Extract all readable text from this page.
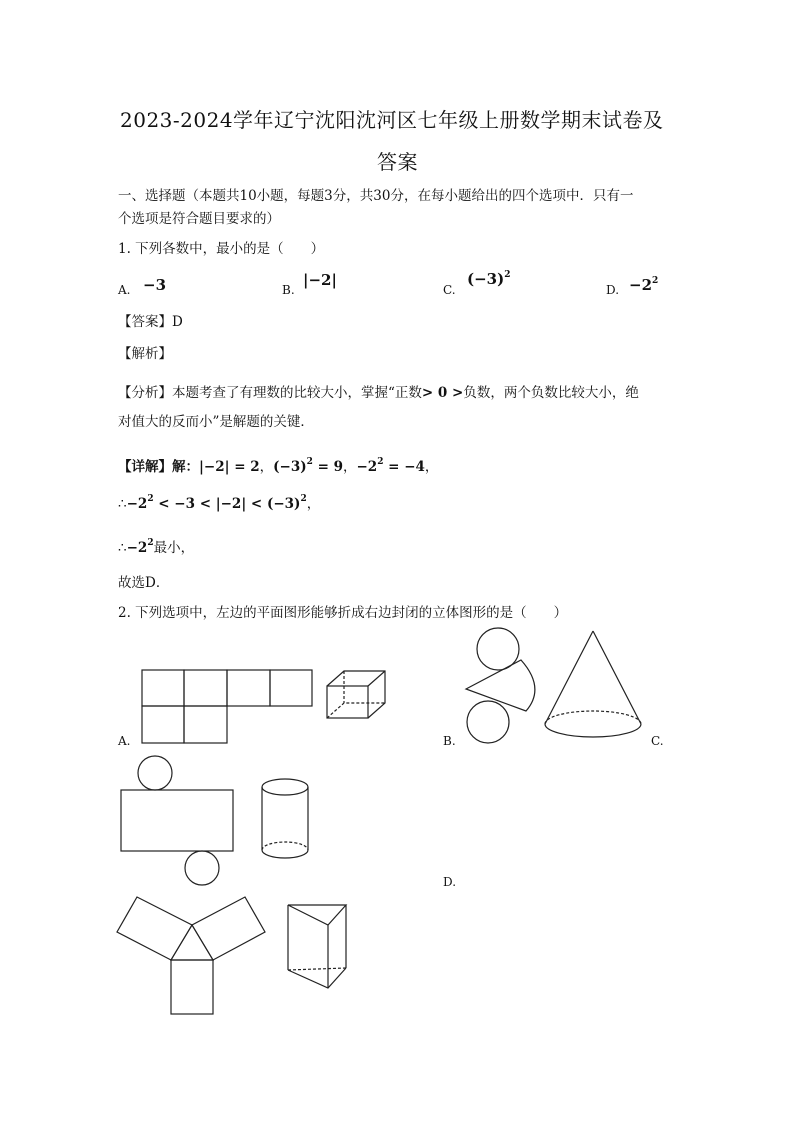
2023-2024学年辽宁沈阳沈河区七年级上册数学期末试卷及
答案
一、选择题（本题共10小题，每题3分，共30分，在每小题给出的四个选项中．只有一
个选项是符合题目要求的）
1. 下列各数中，最小的是（　　）
A. −3	B.
|−2|
C.
$(-3)^2$
D. $-2^2$
【答案】D
【解析】
【分析】本题考查了有理数的比较大小，掌握“正数> 0 >负数，两个负数比较大小，绝
对值大的反而小”是解题的关键．
【详解】解：|−2| = 2，$(-3)^2 = 9$，$-2^2 = -4$，
$\therefore-2^2 < -3 < |-2| < (-3)^2$，
$\therefore-2^2$最小，
故选D．
2. 下列选项中，左边的平面图形能够折成右边封闭的立体图形的是（　　）
A.	B.	C.
D.
